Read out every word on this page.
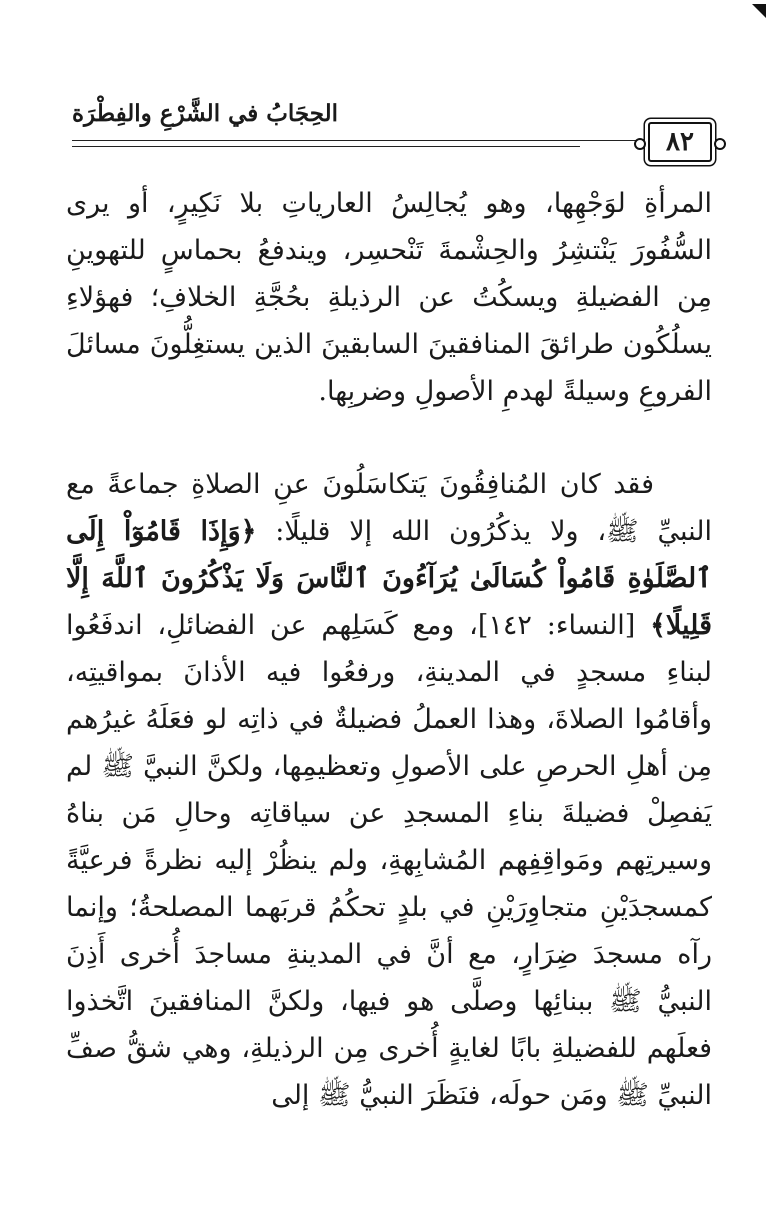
الحِجَابُ في الشَّرْعِ والفِطْرَة
٨٢
المرأةِ لوَجْهِها، وهو يُجالِسُ العارياتِ بلا نَكِيرٍ، أو يرى السُّفُورَ يَنْتشِرُ والحِشْمةَ تَنْحسِر، ويندفعُ بحماسٍ للتهوينِ مِن الفضيلةِ ويسكُتُ عن الرذيلةِ بحُجَّةِ الخلافِ؛ فهؤلاءِ يسلُكُون طرائقَ المنافقينَ السابقينَ الذين يستغِلُّونَ مسائلَ الفروعِ وسيلةً لهدمِ الأصولِ وضربِها.
فقد كان المُنافِقُونَ يَتكاسَلُونَ عنِ الصلاةِ جماعةً مع النبيِّ ﷺ، ولا يذكُرُون الله إلا قليلًا: ﴿وَإِذَا قَامُوٓاْ إِلَى ٱلصَّلَوٰةِ قَامُواْ كُسَالَىٰ يُرَآءُونَ ٱلنَّاسَ وَلَا يَذْكُرُونَ ٱللَّهَ إِلَّا قَلِيلًا﴾ [النساء: ١٤٢]، ومع كَسَلِهم عن الفضائلِ، اندفَعُوا لبناءِ مسجدٍ في المدينةِ، ورفعُوا فيه الأذانَ بمواقيتِه، وأقامُوا الصلاةَ، وهذا العملُ فضيلةٌ في ذاتِه لو فعَلَهُ غيرُهم مِن أهلِ الحرصِ على الأصولِ وتعظيمِها، ولكنَّ النبيَّ ﷺ لم يَفصِلْ فضيلةَ بناءِ المسجدِ عن سياقاتِه وحالِ مَن بناهُ وسيرتِهم ومَواقِفِهم المُشابِهةِ، ولم ينظُرْ إليه نظرةً فرعيَّةً كمسجدَيْنِ متجاوِرَيْنِ في بلدٍ تحكُمُ قربَهما المصلحةُ؛ وإنما رآه مسجدَ ضِرَارٍ، مع أنَّ في المدينةِ مساجدَ أُخرى أَذِنَ النبيُّ ﷺ ببنائِها وصلَّى هو فيها، ولكنَّ المنافقينَ اتَّخذوا فعلَهم للفضيلةِ بابًا لغايةٍ أُخرى مِن الرذيلةِ، وهي شقُّ صفِّ النبيِّ ﷺ ومَن حولَه، فنَظَرَ النبيُّ ﷺ إلى
